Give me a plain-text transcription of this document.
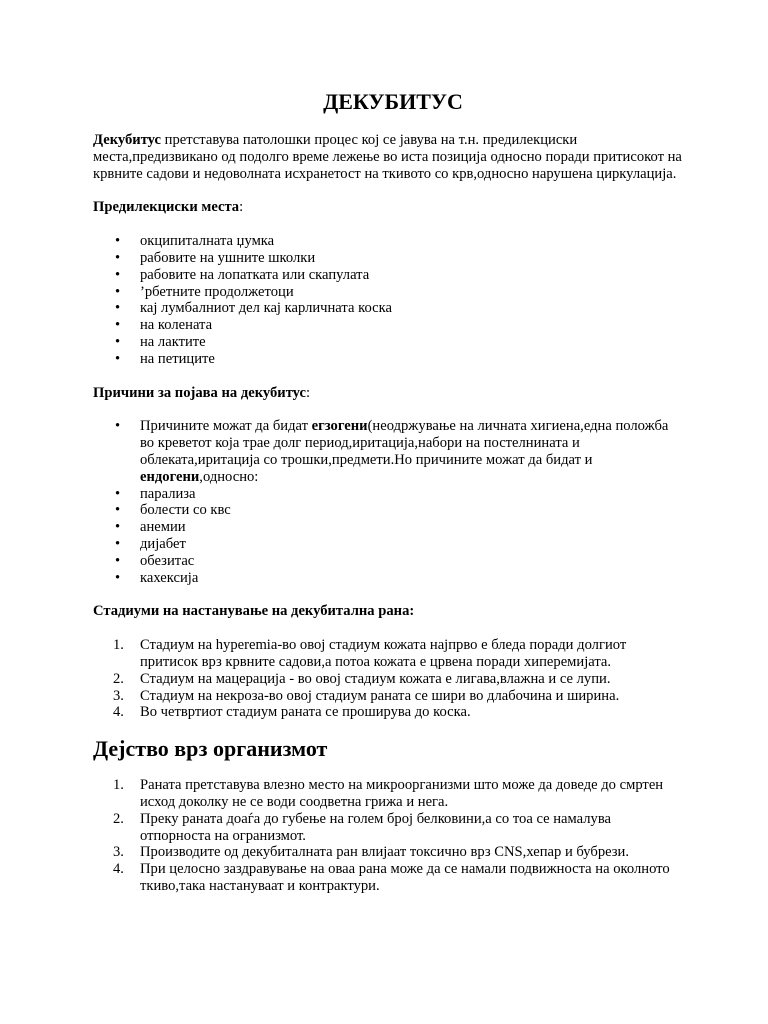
ДЕКУБИТУС

Декубитус претставува патолошки процес кој се јавува на т.н. предилекциски места,предизвикано од подолго време лежење во иста позиција односно поради притисокот на крвните садови и недоволната исхранетост на ткивото со крв,односно нарушена циркулација.

Предилекциски места:

• окципиталната џумка
• рабовите на ушните школки
• рабовите на лопатката или скапулата
• ’рбетните продолжетоци
• кај лумбалниот дел кај карличната коска
• на колената
• на лактите
• на петиците

Причини за појава на декубитус:

• Причините можат да бидат егзогени(неодржување на личната хигиена,една положба во креветот која трае долг период,иритација,набори на постелнината и облеката,иритација со трошки,предмети.Но причините можат да бидат и ендогени,односно:
• парализа
• болести со квс
• анемии
• дијабет
• обезитас
• кахексија

Стадиуми на настанување на декубитална рана:

1. Стадиум на hyperemia-во овој стадиум кожата најпрво е бледа поради долгиот притисок врз крвните садови,а потоа кожата е црвена поради хиперемијата.
2. Стадиум на мацерација - во овој стадиум кожата е лигава,влажна и се лупи.
3. Стадиум на некроза-во овој стадиум раната се шири во длабочина и ширина.
4. Во четвртиот стадиум раната се проширува до коска.
Дејство врз организмот
1. Раната претставува влезно место на микроорганизми што може да доведе до смртен исход доколку не се води соодветна грижа и нега.
2. Преку раната доаѓа до губење на голем број белковини,а со тоа се намалува отпорноста на огранизмот.
3. Производите од декубиталната ран влијаат токсично врз CNS,хепар и бубрези.
4. При целосно заздравување на оваа рана може да се намали подвижноста на околното ткиво,така настануваат и контрактури.
